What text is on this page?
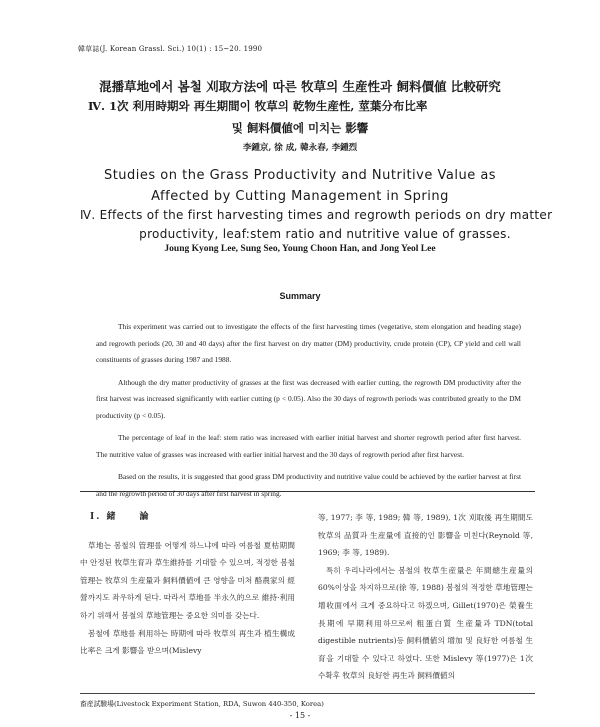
韓草誌(J. Korean Grassl. Sci.) 10(1) : 15~20. 1990
混播草地에서 봄철 刈取方法에 따른 牧草의 生産性과 飼料價値 比較研究
Ⅳ. 1次 利用時期와 再生期間이 牧草의 乾物生産性, 莖葉分布比率
및 飼料價値에 미치는 影響
李鍾京, 徐 成, 韓永春, 李鍾烈
Studies on the Grass Productivity and Nutritive Value as
Affected by Cutting Management in Spring
Ⅳ. Effects of the first harvesting times and regrowth periods on dry matter
productivity, leaf:stem ratio and nutritive value of grasses.
Joung Kyong Lee, Sung Seo, Young Choon Han, and Jong Yeol Lee
Summary

This experiment was carried out to investigate the effects of the first harvesting times (vegetative, stem elongation and heading stage) and regrowth periods (20, 30 and 40 days) after the first harvest on dry matter (DM) productivity, crude protein (CP), CP yield and cell wall constituents of grasses during 1987 and 1988.

Although the dry matter productivity of grasses at the first was decreased with earlier cutting, the regrowth DM productivity after the first harvest was increased significantly with earlier cutting (p < 0.05). Also the 30 days of regrowth periods was contributed greatly to the DM productivity (p < 0.05).

The percentage of leaf in the leaf: stem ratio was increased with earlier initial harvest and shorter regrowth period after first harvest. The nutritive value of grasses was increased with earlier initial harvest and the 30 days of regrowth period after first harvest.

Based on the results, it is suggested that good grass DM productivity and nutritive value could be achieved by the earlier harvest at first and the regrowth period of 30 days after first harvest in spring.

Ⅰ. 緒　　論

草地는 봄철의 管理를 어떻게 하느냐에 따라 여름철 夏枯期間中 안정된 牧草生育과 草生維持를 기대할 수 있으며, 적정한 봄철管理는 牧草의 生産量과 飼料價値에 큰 영향을 미쳐 酪農家의 經營까지도 좌우하게 된다. 따라서 草地를 半永久的으로 維持·利用하기 위해서 봄철의 草地管理는 중요한 의미를 갖는다.

봄철에 草地를 利用하는 時期에 따라 牧草의 再生과 植生構成比率은 크게 影響을 받으며(Mislevy

等, 1977; 李 等, 1989; 韓 等, 1989), 1次 刈取後 再生期間도 牧草의 品質과 生産量에 直接的인 影響을 미친다(Reynold 等, 1969; 李 等, 1989).

특히 우리나라에서는 봄철의 牧草生産量은 年間總生産量의 60%이상을 차지하므로(徐 等, 1988) 봄철의 적정한 草地管理는 增收面에서 크게 중요하다고 하겠으며, Gillet(1970)은 榮養生長期에 早期利用하므로써 粗蛋白質 生産量과 TDN(total digestible nutrients)등 飼料價値의 增加 및 良好한 여름철 生育을 기대할 수 있다고 하였다. 또한 Mislevy 等(1977)은 1次 수확후 牧草의 良好한 再生과 飼料價値의

畜産試驗場(Livestock Experiment Station, RDA, Suwon 440-350, Korea)
- 15 -
